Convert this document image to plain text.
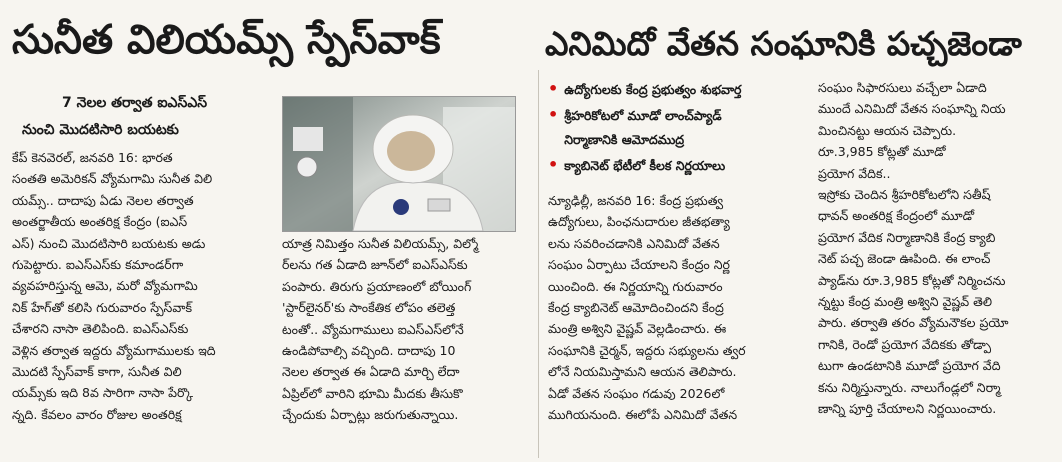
సునీత విలియమ్స్ స్పేస్‌వాక్	ఎనిమిదో వేతన సంఘానికి పచ్చజెండా
7 నెలల తర్వాత ఐఎస్ఎస్
నుంచి మొదటిసారి బయటకు

కేప్ కెనవెరల్, జనవరి 16: భారత

సంతతి అమెరికన్ వ్యోమగామి సునీత విలి

యమ్స్.. దాదాపు ఏడు నెలల తర్వాత

అంతర్జాతీయ అంతరిక్ష కేంద్రం (ఐఎస్

ఎస్) నుంచి మొదటిసారి బయటకు అడు

గుపెట్టారు. ఐఎస్ఎస్‌కు కమాండర్‌గా

వ్యవహరిస్తున్న ఆమె, మరో వ్యోమగామి

నిక్ హేగ్‌తో కలిసి గురువారం స్పేస్‌వాక్

చేశారని నాసా తెలిపింది. ఐఎస్ఎస్‌కు

వెళ్లిన తర్వాత ఇద్దరు వ్యోమగాములకు ఇది

మొదటి స్పేస్‌వాక్ కాగా, సునీత విలి

యమ్స్‌కు ఇది 8వ సారిగా నాసా పేర్కొ

న్నది. కేవలం వారం రోజుల అంతరిక్ష

యాత్ర నిమిత్తం సునీత విలియమ్స్, విల్మో

ర్‌లను గత ఏడాది జూన్‌లో ఐఎస్ఎస్‌కు

పంపారు. తిరుగు ప్రయాణంలో బోయింగ్

'స్టార్‌లైనర్'కు సాంకేతిక లోపం తలెత్త

టంతో.. వ్యోమగాములు ఐఎస్ఎస్‌లోనే

ఉండిపోవాల్సి వచ్చింది. దాదాపు 10

నెలల తర్వాత ఈ ఏడాది మార్చి లేదా

ఏప్రిల్‌లో వారిని భూమి మీదకు తీసుకొ

చ్చేందుకు ఏర్పాట్లు జరుగుతున్నాయి.

• ఉద్యోగులకు కేంద్ర ప్రభుత్వం శుభవార్త
• శ్రీహరికోటలో మూడో లాంచ్‌ప్యాడ్
నిర్మాణానికి ఆమోదముద్ర
• క్యాబినెట్ భేటీలో కీలక నిర్ణయాలు

న్యూఢిల్లీ, జనవరి 16: కేంద్ర ప్రభుత్వ

ఉద్యోగులు, పింఛనుదారుల జీతభత్యా

లను సవరించడానికి ఎనిమిదో వేతన

సంఘం ఏర్పాటు చేయాలని కేంద్రం నిర్ణ

యించింది. ఈ నిర్ణయాన్ని గురువారం

కేంద్ర క్యాబినెట్ ఆమోదించిందని కేంద్ర

మంత్రి అశ్విని వైష్ణవ్ వెల్లడించారు. ఈ

సంఘానికి చైర్మన్, ఇద్దరు సభ్యులను త్వర

లోనే నియమిస్తామని ఆయన తెలిపారు.

ఏడో వేతన సంఘం గడువు 2026లో

ముగియనుంది. ఈలోపే ఎనిమిదో వేతన

సంఘం సిఫారసులు వచ్చేలా ఏడాది

ముందే ఎనిమిదో వేతన సంఘాన్ని నియ

మించినట్టు ఆయన చెప్పారు.

రూ.3,985 కోట్లతో మూడో

ప్రయోగ వేదిక..

ఇస్రోకు చెందిన శ్రీహరికోటలోని సతీష్

ధావన్ అంతరిక్ష కేంద్రంలో మూడో

ప్రయోగ వేదిక నిర్మాణానికి కేంద్ర క్యాబి

నెట్ పచ్చ జెండా ఊపింది. ఈ లాంచ్

ప్యాడ్‌ను రూ.3,985 కోట్లతో నిర్మించను

న్నట్టు కేంద్ర మంత్రి అశ్విని వైష్ణవ్ తెలి

పారు. తర్వాతి తరం వ్యోమనౌకల ప్రయో

గానికి, రెండో ప్రయోగ వేదికకు తోడ్పా

టుగా ఉండటానికి మూడో ప్రయోగ వేది

కను నిర్మిస్తున్నారు. నాలుగేండ్లలో నిర్మా

ణాన్ని పూర్తి చేయాలని నిర్ణయించారు.
